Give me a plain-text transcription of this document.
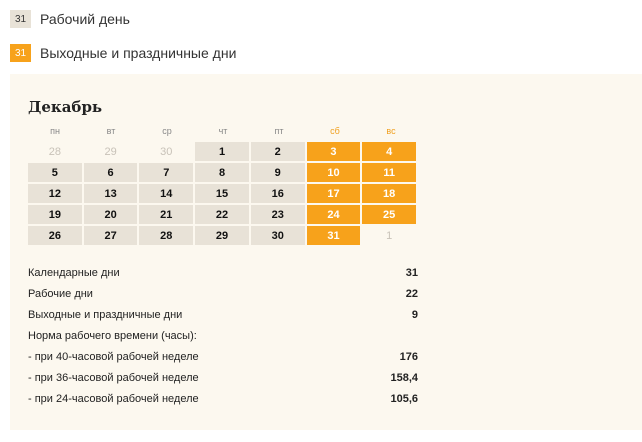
31 Рабочий день
31 Выходные и праздничные дни
Декабрь
пн	вт	ср	чт	пт	сб	вс
28	29	30	1	2	3	4
5	6	7	8	9	10	11
12	13	14	15	16	17	18
19	20	21	22	23	24	25
26	27	28	29	30	31	1
Календарные дни	31
Рабочие дни	22
Выходные и праздничные дни	9
Норма рабочего времени (часы):
- при 40-часовой рабочей неделе	176
- при 36-часовой рабочей неделе	158,4
- при 24-часовой рабочей неделе	105,6
